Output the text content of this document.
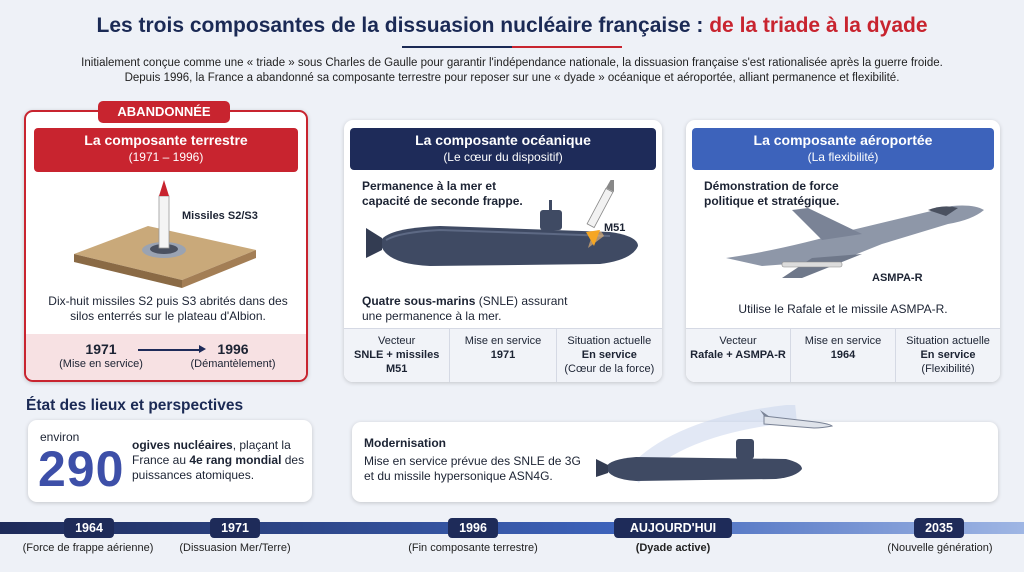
Les trois composantes de la dissuasion nucléaire française : de la triade à la dyade
Initialement conçue comme une « triade » sous Charles de Gaulle pour garantir l'indépendance nationale, la dissuasion française s'est rationalisée après la guerre froide.
Depuis 1996, la France a abandonné sa composante terrestre pour reposer sur une « dyade » océanique et aéroportée, alliant permanence et flexibilité.
La composante terrestre
(1971 – 1996)
Missiles S2/S3
Dix-huit missiles S2 puis S3 abrités dans des silos enterrés sur le plateau d'Albion.
1971
(Mise en service)
1996
(Démantèlement)
ABANDONNÉE
La composante océanique
(Le cœur du dispositif)
Permanence à la mer et capacité de seconde frappe.
M51
Quatre sous-marins (SNLE) assurant une permanence à la mer.
Vecteur
SNLE + missiles M51
Mise en service
1971
Situation actuelle
En service
(Cœur de la force)
La composante aéroportée
(La flexibilité)
Démonstration de force politique et stratégique.
ASMPA-R
Utilise le Rafale et le missile ASMPA-R.
Vecteur
Rafale + ASMPA-R
Mise en service
1964
Situation actuelle
En service
(Flexibilité)
État des lieux et perspectives
environ
290 ogives nucléaires, plaçant la France au 4e rang mondial des puissances atomiques.
Modernisation
Mise en service prévue des SNLE de 3G et du missile hypersonique ASN4G.
1964
(Force de frappe aérienne)
1971
(Dissuasion Mer/Terre)
1996
(Fin composante terrestre)
AUJOURD'HUI
(Dyade active)
2035
(Nouvelle génération)
